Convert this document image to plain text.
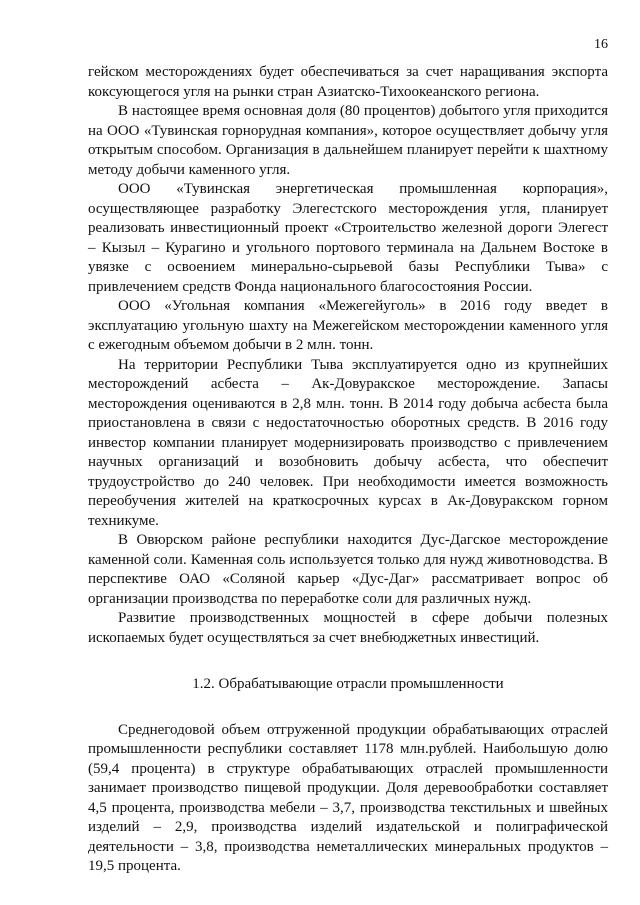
16

гейском месторождениях будет обеспечиваться за счет наращивания экспорта коксующегося угля на рынки стран Азиатско-Тихоокеанского региона.

В настоящее время основная доля (80 процентов) добытого угля приходится на ООО «Тувинская горнорудная компания», которое осуществляет добычу угля открытым способом. Организация в дальнейшем планирует перейти к шахтному методу добычи каменного угля.

ООО «Тувинская энергетическая промышленная корпорация», осуществляющее разработку Элегестского месторождения угля, планирует реализовать инвестиционный проект «Строительство железной дороги Элегест – Кызыл – Курагино и угольного портового терминала на Дальнем Востоке в увязке с освоением минерально-сырьевой базы Республики Тыва» с привлечением средств Фонда национального благосостояния России.

ООО «Угольная компания «Межегейуголь» в 2016 году введет в эксплуатацию угольную шахту на Межегейском месторождении каменного угля с ежегодным объемом добычи в 2 млн. тонн.

На территории Республики Тыва эксплуатируется одно из крупнейших месторождений асбеста – Ак-Довуракское месторождение. Запасы месторождения оцениваются в 2,8 млн. тонн. В 2014 году добыча асбеста была приостановлена в связи с недостаточностью оборотных средств. В 2016 году инвестор компании планирует модернизировать производство с привлечением научных организаций и возобновить добычу асбеста, что обеспечит трудоустройство до 240 человек. При необходимости имеется возможность переобучения жителей на краткосрочных курсах в Ак-Довуракском горном техникуме.

В Овюрском районе республики находится Дус-Дагское месторождение каменной соли. Каменная соль используется только для нужд животноводства. В перспективе ОАО «Соляной карьер «Дус-Даг» рассматривает вопрос об организации производства по переработке соли для различных нужд.

Развитие производственных мощностей в сфере добычи полезных ископаемых будет осуществляться за счет внебюджетных инвестиций.

1.2. Обрабатывающие отрасли промышленности

Среднегодовой объем отгруженной продукции обрабатывающих отраслей промышленности республики составляет 1178 млн.рублей. Наибольшую долю (59,4 процента) в структуре обрабатывающих отраслей промышленности занимает производство пищевой продукции. Доля деревообработки составляет 4,5 процента, производства мебели – 3,7, производства текстильных и швейных изделий – 2,9, производства изделий издательской и полиграфической деятельности – 3,8, производства неметаллических минеральных продуктов – 19,5 процента.
